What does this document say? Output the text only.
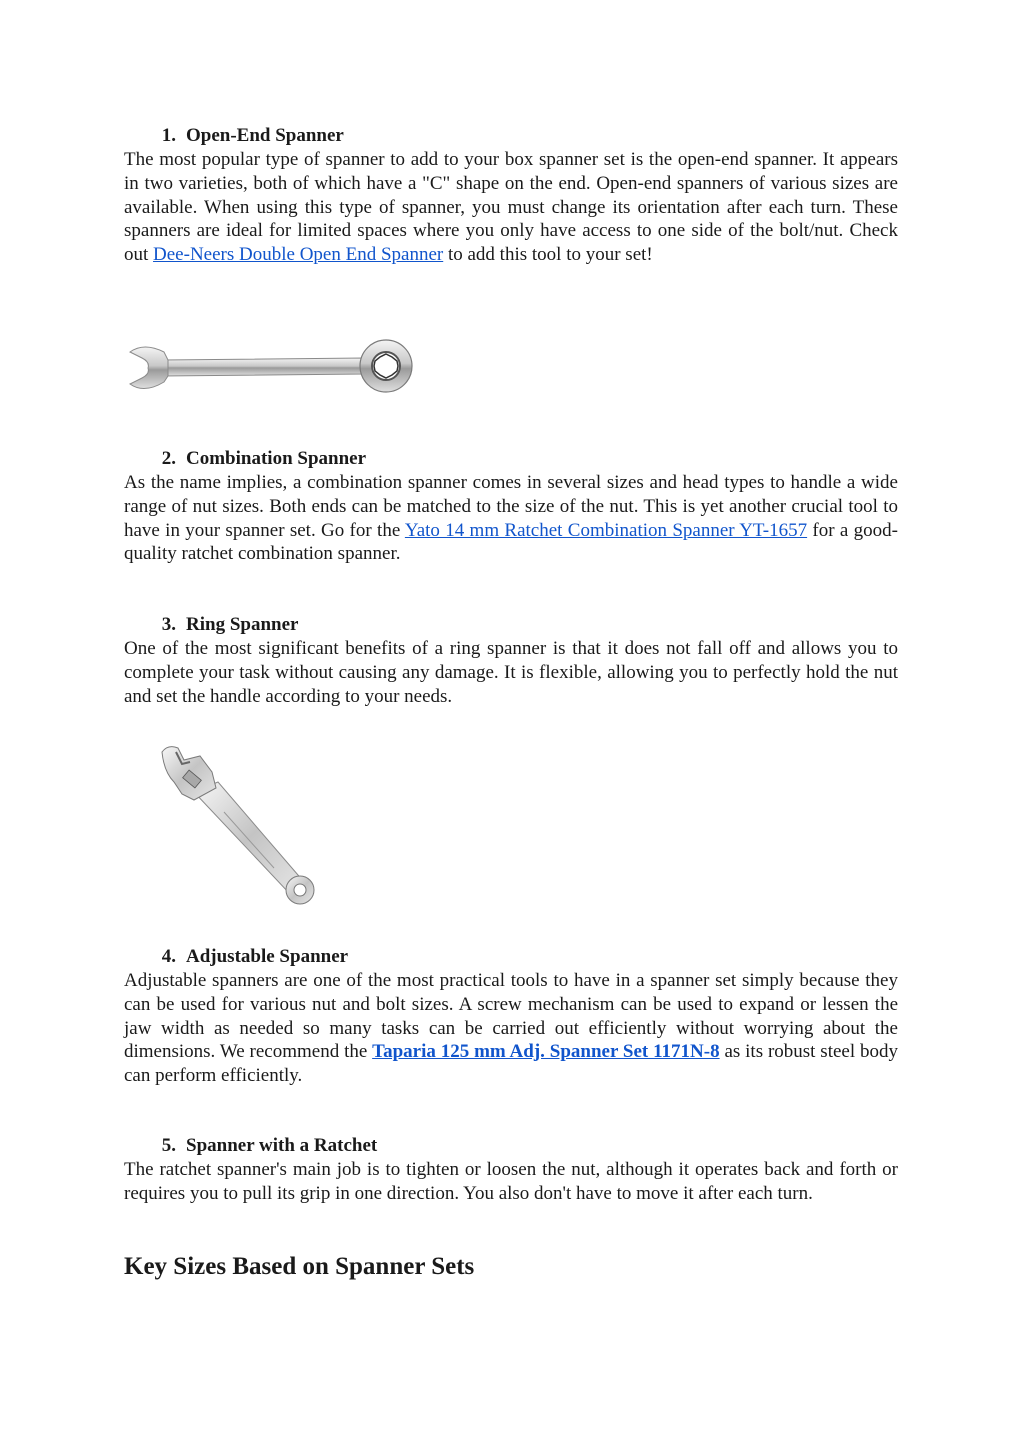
1. Open-End Spanner

The most popular type of spanner to add to your box spanner set is the open-end spanner. It appears in two varieties, both of which have a "C" shape on the end. Open-end spanners of various sizes are available. When using this type of spanner, you must change its orientation after each turn. These spanners are ideal for limited spaces where you only have access to one side of the bolt/nut. Check out Dee-Neers Double Open End Spanner to add this tool to your set!

2. Combination Spanner

As the name implies, a combination spanner comes in several sizes and head types to handle a wide range of nut sizes. Both ends can be matched to the size of the nut. This is yet another crucial tool to have in your spanner set. Go for the Yato 14 mm Ratchet Combination Spanner YT-1657 for a good-quality ratchet combination spanner.

3. Ring Spanner

One of the most significant benefits of a ring spanner is that it does not fall off and allows you to complete your task without causing any damage. It is flexible, allowing you to perfectly hold the nut and set the handle according to your needs.

4. Adjustable Spanner

Adjustable spanners are one of the most practical tools to have in a spanner set simply because they can be used for various nut and bolt sizes. A screw mechanism can be used to expand or lessen the jaw width as needed so many tasks can be carried out efficiently without worrying about the dimensions. We recommend the Taparia 125 mm Adj. Spanner Set 1171N-8 as its robust steel body can perform efficiently.

5. Spanner with a Ratchet

The ratchet spanner's main job is to tighten or loosen the nut, although it operates back and forth or requires you to pull its grip in one direction. You also don't have to move it after each turn.

Key Sizes Based on Spanner Sets
